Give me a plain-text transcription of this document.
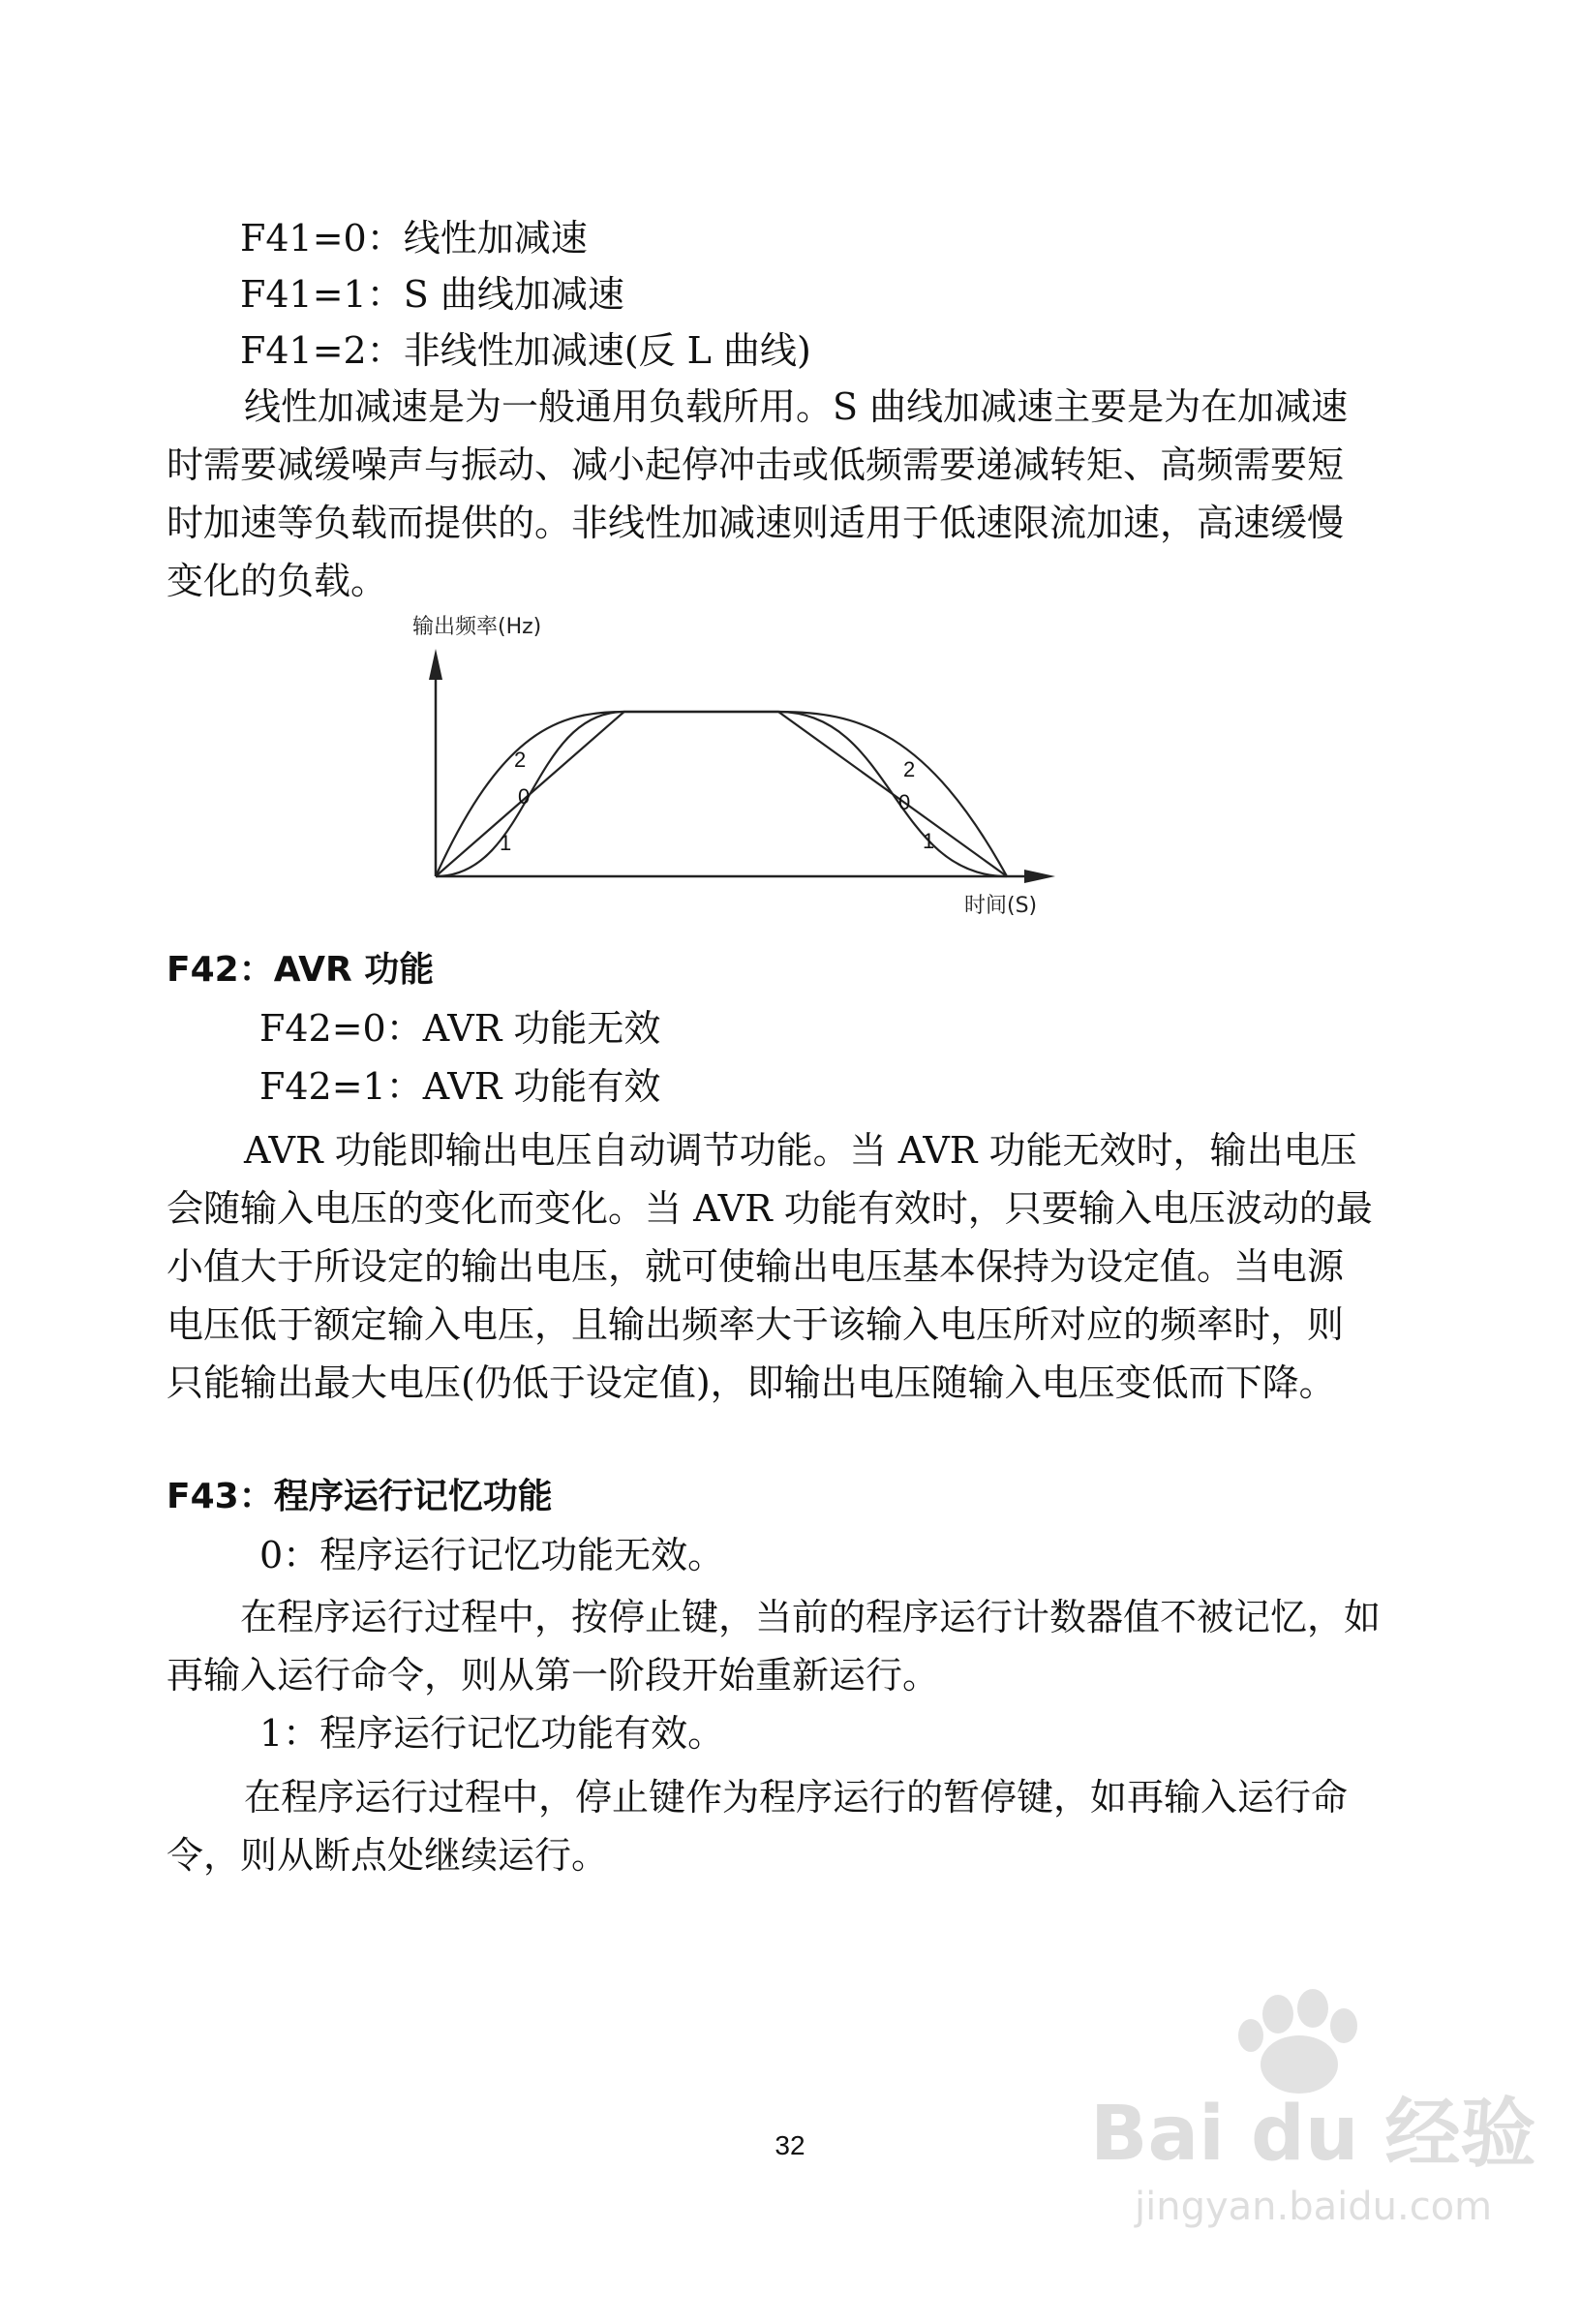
F41=0：线性加减速
F41=1：S 曲线加减速
F41=2：非线性加减速(反 L 曲线)
线性加减速是为一般通用负载所用。S 曲线加减速主要是为在加减速
时需要减缓噪声与振动、减小起停冲击或低频需要递减转矩、高频需要短
时加速等负载而提供的。非线性加减速则适用于低速限流加速，高速缓慢
变化的负载。
输出频率(Hz)
时间(S)
2
0
1
2
0
1
F42：AVR 功能
F42=0：AVR 功能无效
F42=1：AVR 功能有效
AVR 功能即输出电压自动调节功能。当 AVR 功能无效时，输出电压
会随输入电压的变化而变化。当 AVR 功能有效时，只要输入电压波动的最
小值大于所设定的输出电压，就可使输出电压基本保持为设定值。当电源
电压低于额定输入电压，且输出频率大于该输入电压所对应的频率时，则
只能输出最大电压(仍低于设定值)，即输出电压随输入电压变低而下降。
F43：程序运行记忆功能
0：程序运行记忆功能无效。
在程序运行过程中，按停止键，当前的程序运行计数器值不被记忆，如
再输入运行命令，则从第一阶段开始重新运行。
1：程序运行记忆功能有效。
在程序运行过程中，停止键作为程序运行的暂停键，如再输入运行命
令，则从断点处继续运行。
32	Bai du 经验
jingyan.baidu.com
